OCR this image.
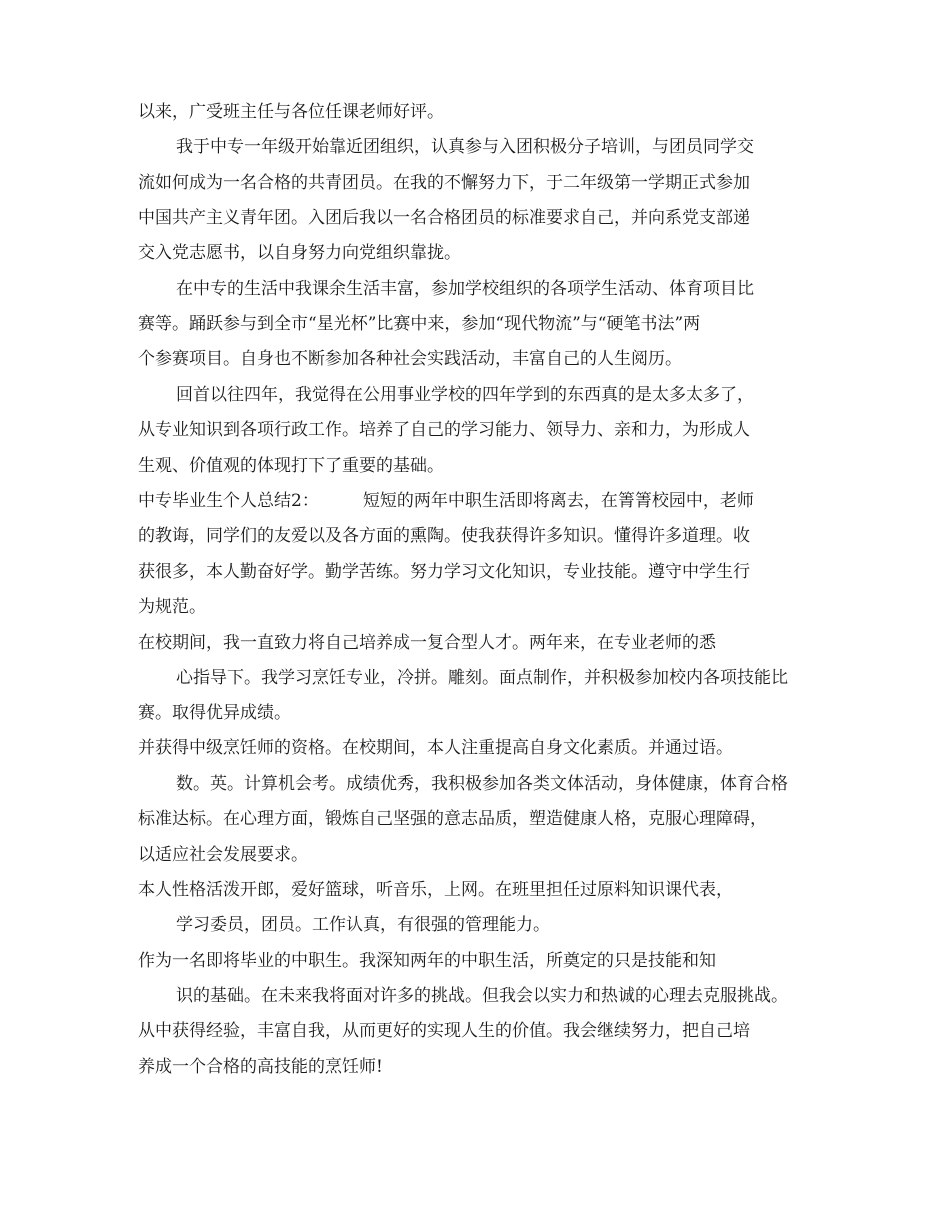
以来，广受班主任与各位任课老师好评。
我于中专一年级开始靠近团组织，认真参与入团积极分子培训，与团员同学交
流如何成为一名合格的共青团员。在我的不懈努力下，于二年级第一学期正式参加
中国共产主义青年团。入团后我以一名合格团员的标准要求自己，并向系党支部递
交入党志愿书，以自身努力向党组织靠拢。
在中专的生活中我课余生活丰富，参加学校组织的各项学生活动、体育项目比
赛等。踊跃参与到全市“星光杯”比赛中来，参加“现代物流”与“硬笔书法”两
个参赛项目。自身也不断参加各种社会实践活动，丰富自己的人生阅历。
回首以往四年，我觉得在公用事业学校的四年学到的东西真的是太多太多了，
从专业知识到各项行政工作。培养了自己的学习能力、领导力、亲和力，为形成人
生观、价值观的体现打下了重要的基础。
中专毕业生个人总结2：	短短的两年中职生活即将离去，在箐箐校园中，老师
的教诲，同学们的友爱以及各方面的熏陶。使我获得许多知识。懂得许多道理。收
获很多，本人勤奋好学。勤学苦练。努力学习文化知识，专业技能。遵守中学生行
为规范。
在校期间，我一直致力将自己培养成一复合型人才。两年来，在专业老师的悉
心指导下。我学习烹饪专业，冷拼。雕刻。面点制作，并积极参加校内各项技能比
赛。取得优异成绩。
并获得中级烹饪师的资格。在校期间，本人注重提高自身文化素质。并通过语。
数。英。计算机会考。成绩优秀，我积极参加各类文体活动，身体健康，体育合格
标准达标。在心理方面，锻炼自己坚强的意志品质，塑造健康人格，克服心理障碍，
以适应社会发展要求。
本人性格活泼开郎，爱好篮球，听音乐，上网。在班里担任过原料知识课代表，
学习委员，团员。工作认真，有很强的管理能力。
作为一名即将毕业的中职生。我深知两年的中职生活，所奠定的只是技能和知
识的基础。在未来我将面对许多的挑战。但我会以实力和热诚的心理去克服挑战。
从中获得经验，丰富自我，从而更好的实现人生的价值。我会继续努力，把自己培
养成一个合格的高技能的烹饪师!
